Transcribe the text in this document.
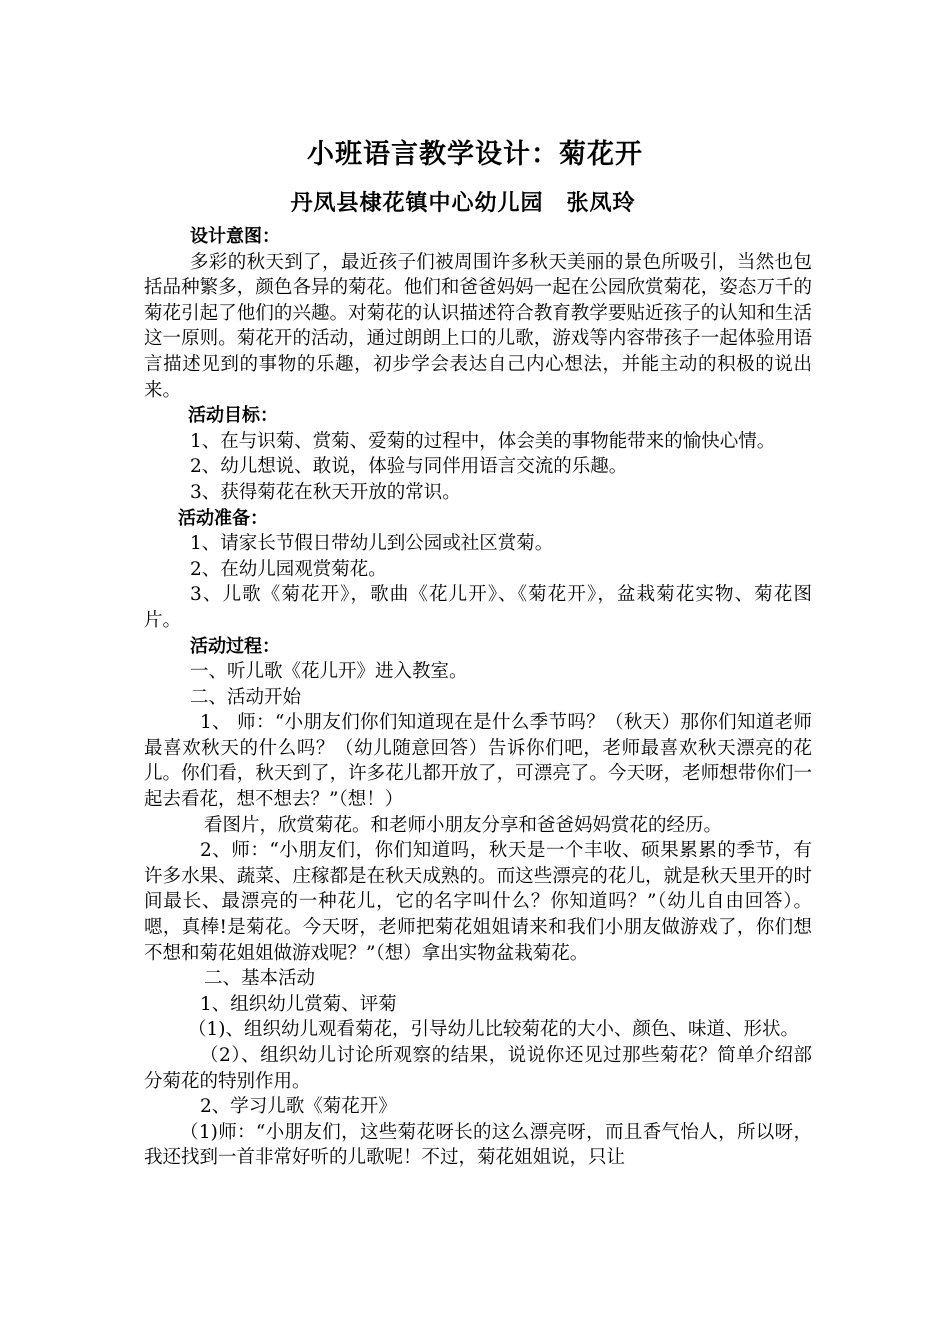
小班语言教学设计：菊花开
丹凤县棣花镇中心幼儿园　张凤玲

设计意图：

多彩的秋天到了，最近孩子们被周围许多秋天美丽的景色所吸引，当然也包括品种繁多，颜色各异的菊花。他们和爸爸妈妈一起在公园欣赏菊花，姿态万千的菊花引起了他们的兴趣。对菊花的认识描述符合教育教学要贴近孩子的认知和生活这一原则。菊花开的活动，通过朗朗上口的儿歌，游戏等内容带孩子一起体验用语言描述见到的事物的乐趣，初步学会表达自己内心想法，并能主动的积极的说出来。

活动目标：

1、在与识菊、赏菊、爱菊的过程中，体会美的事物能带来的愉快心情。

2、幼儿想说、敢说，体验与同伴用语言交流的乐趣。

3、获得菊花在秋天开放的常识。

活动准备：

1、请家长节假日带幼儿到公园或社区赏菊。

2、在幼儿园观赏菊花。

3、儿歌《菊花开》，歌曲《花儿开》、《菊花开》，盆栽菊花实物、菊花图片。

活动过程：

一、听儿歌《花儿开》进入教室。

二、活动开始

1、 师：“小朋友们你们知道现在是什么季节吗？（秋天）那你们知道老师最喜欢秋天的什么吗？（幼儿随意回答）告诉你们吧，老师最喜欢秋天漂亮的花儿。你们看，秋天到了，许多花儿都开放了，可漂亮了。今天呀，老师想带你们一起去看花，想不想去？”（想！）

看图片，欣赏菊花。和老师小朋友分享和爸爸妈妈赏花的经历。

2、师：“小朋友们，你们知道吗，秋天是一个丰收、硕果累累的季节，有许多水果、蔬菜、庄稼都是在秋天成熟的。而这些漂亮的花儿，就是秋天里开的时间最长、最漂亮的一种花儿，它的名字叫什么？你知道吗？”（幼儿自由回答）。嗯，真棒!是菊花。今天呀，老师把菊花姐姐请来和我们小朋友做游戏了，你们想不想和菊花姐姐做游戏呢？”（想）拿出实物盆栽菊花。

二、基本活动

1、组织幼儿赏菊、评菊

（1)、组织幼儿观看菊花，引导幼儿比较菊花的大小、颜色、味道、形状。

（2）、组织幼儿讨论所观察的结果，说说你还见过那些菊花？简单介绍部分菊花的特别作用。

2、学习儿歌《菊花开》

（1)师：“小朋友们，这些菊花呀长的这么漂亮呀，而且香气怡人，所以呀，我还找到一首非常好听的儿歌呢！不过，菊花姐姐说，只让
